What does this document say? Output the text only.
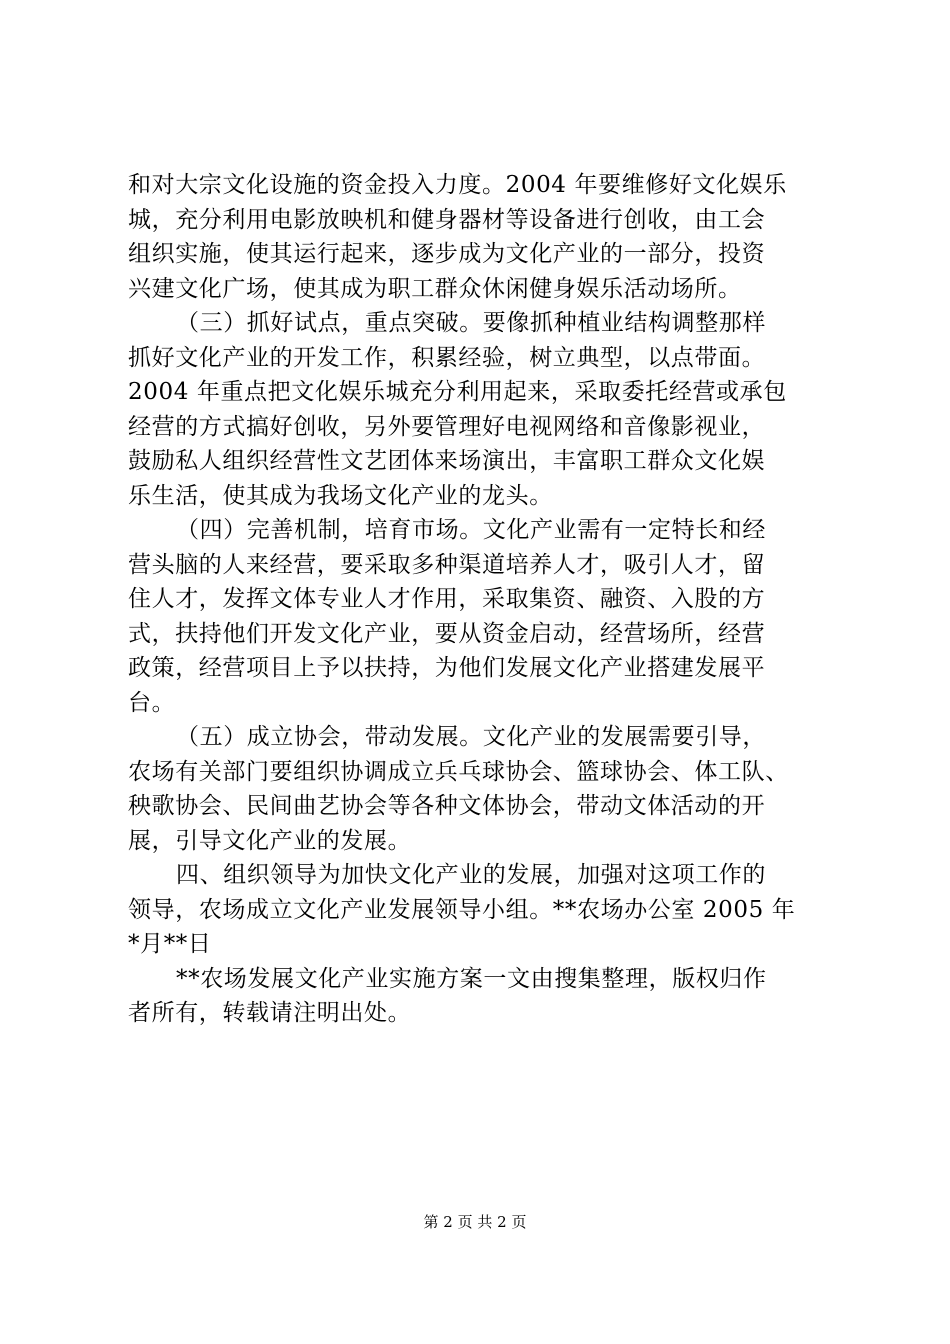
和对大宗文化设施的资金投入力度。2004 年要维修好文化娱乐
城，充分利用电影放映机和健身器材等设备进行创收，由工会
组织实施，使其运行起来，逐步成为文化产业的一部分，投资
兴建文化广场，使其成为职工群众休闲健身娱乐活动场所。
（三）抓好试点，重点突破。要像抓种植业结构调整那样
抓好文化产业的开发工作，积累经验，树立典型，以点带面。
2004 年重点把文化娱乐城充分利用起来，采取委托经营或承包
经营的方式搞好创收，另外要管理好电视网络和音像影视业，
鼓励私人组织经营性文艺团体来场演出，丰富职工群众文化娱
乐生活，使其成为我场文化产业的龙头。
（四）完善机制，培育市场。文化产业需有一定特长和经
营头脑的人来经营，要采取多种渠道培养人才，吸引人才，留
住人才，发挥文体专业人才作用，采取集资、融资、入股的方
式，扶持他们开发文化产业，要从资金启动，经营场所，经营
政策，经营项目上予以扶持，为他们发展文化产业搭建发展平
台。
（五）成立协会，带动发展。文化产业的发展需要引导，
农场有关部门要组织协调成立兵乓球协会、篮球协会、体工队、
秧歌协会、民间曲艺协会等各种文体协会，带动文体活动的开
展，引导文化产业的发展。
四、组织领导为加快文化产业的发展，加强对这项工作的
领导，农场成立文化产业发展领导小组。**农场办公室 2005 年
*月**日
**农场发展文化产业实施方案一文由搜集整理，版权归作
者所有，转载请注明出处。
第 2 页 共 2 页
